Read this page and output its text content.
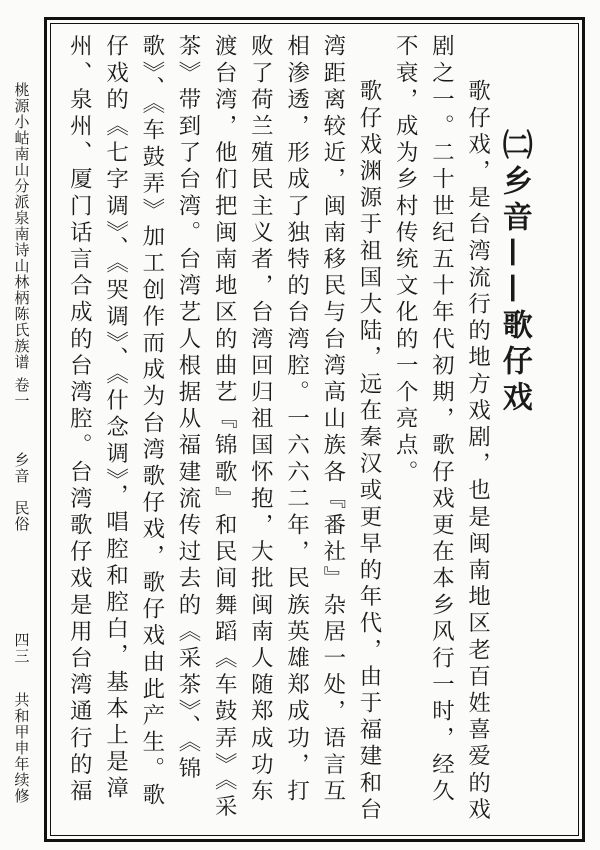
桃源小岵南山分派泉南诗山林柄陈氏族谱
卷一
乡音　民俗
四三
共和甲申年续修

㈡乡音——歌仔戏

歌仔戏，是台湾流行的地方戏剧，也是闽南地区老百姓喜爱的戏剧之一。二十世纪五十年代初期，歌仔戏更在本乡风行一时，经久不衰，成为乡村传统文化的一个亮点。

歌仔戏渊源于祖国大陆，远在秦汉或更早的年代，由于福建和台湾距离较近，闽南移民与台湾高山族各『番社』杂居一处，语言互相渗透，形成了独特的台湾腔。一六六二年，民族英雄郑成功，打败了荷兰殖民主义者，台湾回归祖国怀抱，大批闽南人随郑成功东渡台湾，他们把闽南地区的曲艺『锦歌』和民间舞蹈《车鼓弄》《采茶》带到了台湾。台湾艺人根据从福建流传过去的《采茶》、《锦歌》、《车鼓弄》加工创作而成为台湾歌仔戏，歌仔戏由此产生。歌仔戏的《七字调》、《哭调》、《什念调》，唱腔和腔白，基本上是漳州、泉州、厦门话言合成的台湾腔。台湾歌仔戏是用台湾通行的福
